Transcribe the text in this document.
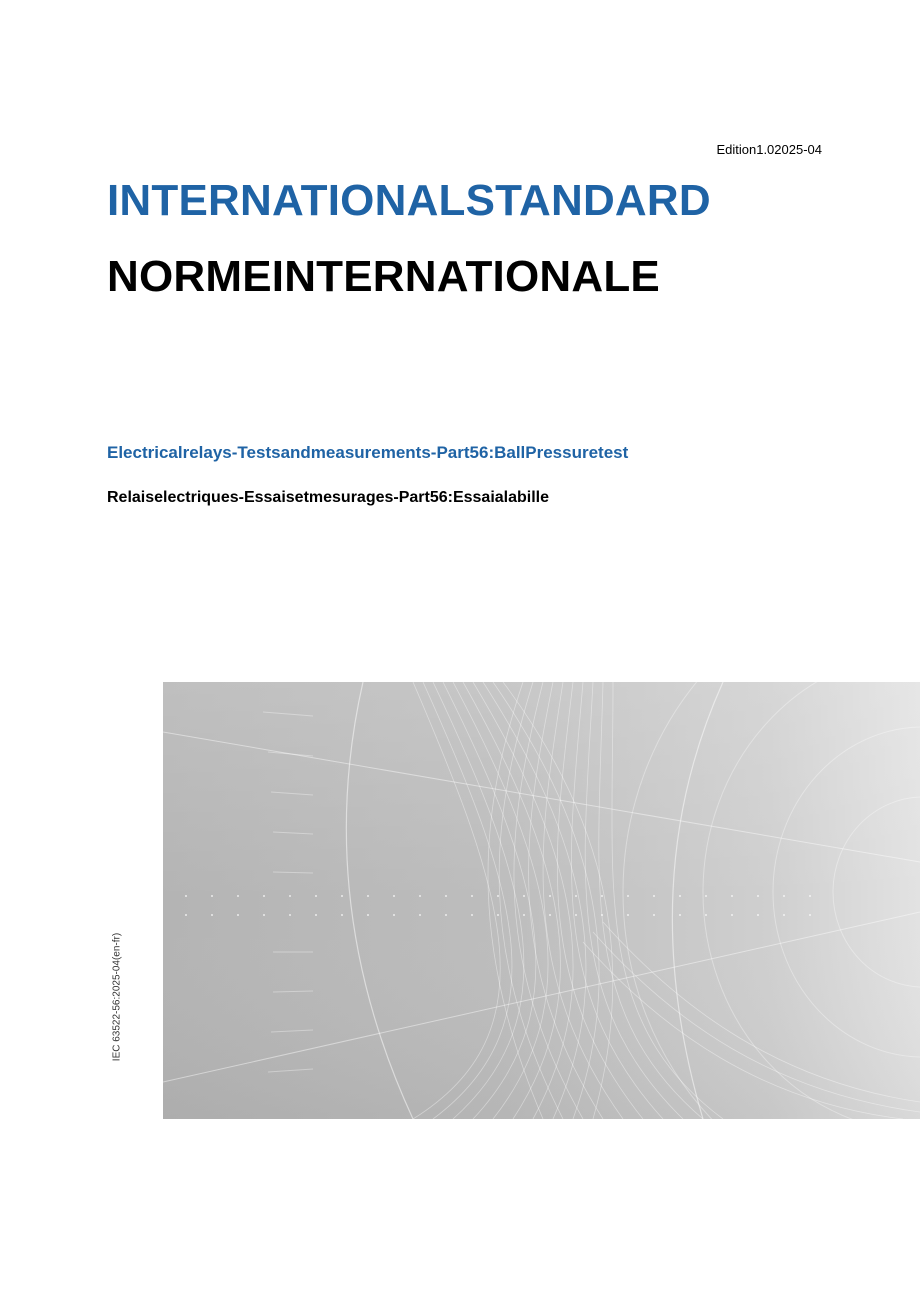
Edition1.02025-04
INTERNATIONALSTANDARD
NORMEINTERNATIONALE
Electricalrelays-Testsandmeasurements-Part56:BallPressuretest
Relaiselectriques-Essaisetmesurages-Part56:Essaialabille
IEC 63522-56:2025-04(en-fr)
